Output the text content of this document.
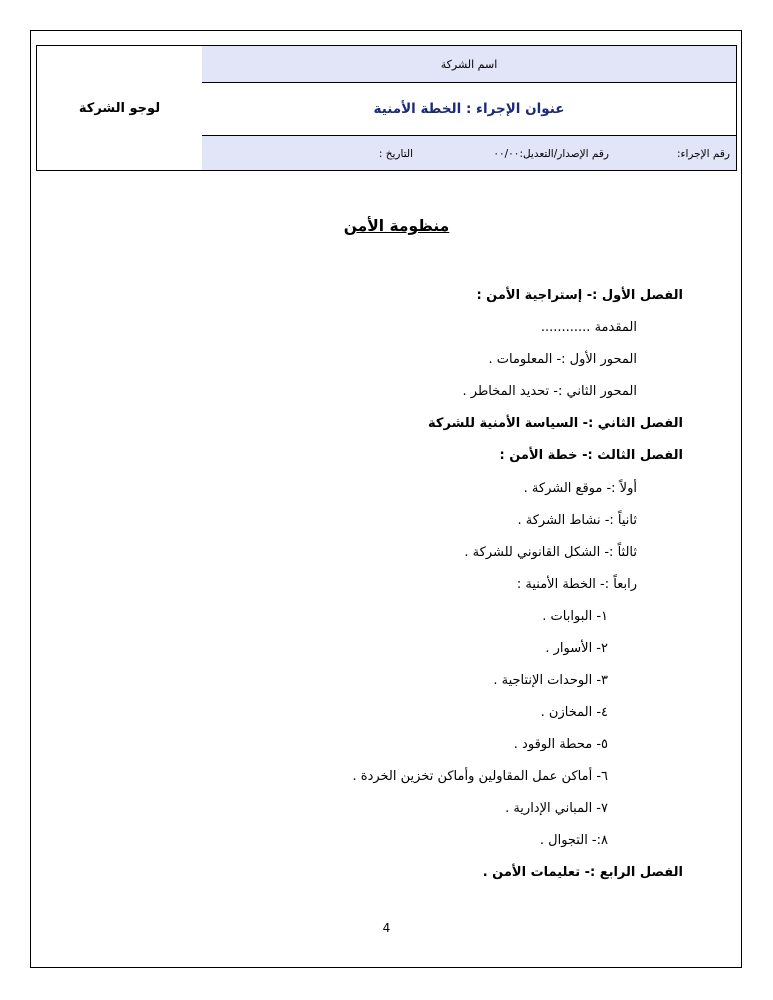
لوجو الشركة
اسم الشركة
عنوان الإجراء : الخطة الأمنية
رقم الإجراء:
رقم الإصدار/التعديل:٠٠/٠٠
التاريخ :
منظومة الأمن
الفصل الأول :- إستراجية الأمن :
المقدمة ............
المحور الأول :- المعلومات .
المحور الثاني :- تحديد المخاطر .
الفصل الثاني :- السياسة الأمنية للشركة
الفصل الثالث :- خطة الأمن :
أولاً :- موقع الشركة .
ثانياً :- نشاط الشركة .
ثالثاً :- الشكل القانوني للشركة .
رابعاً :- الخطة الأمنية :
١- البوابات .
٢- الأسوار .
٣- الوحدات الإنتاجية .
٤- المخازن .
٥- محطة الوقود .
٦- أماكن عمل المقاولين وأماكن تخزين الخردة .
٧- المباني الإدارية .
٨:- التجوال .
الفصل الرابع :- تعليمات الأمن .
4
